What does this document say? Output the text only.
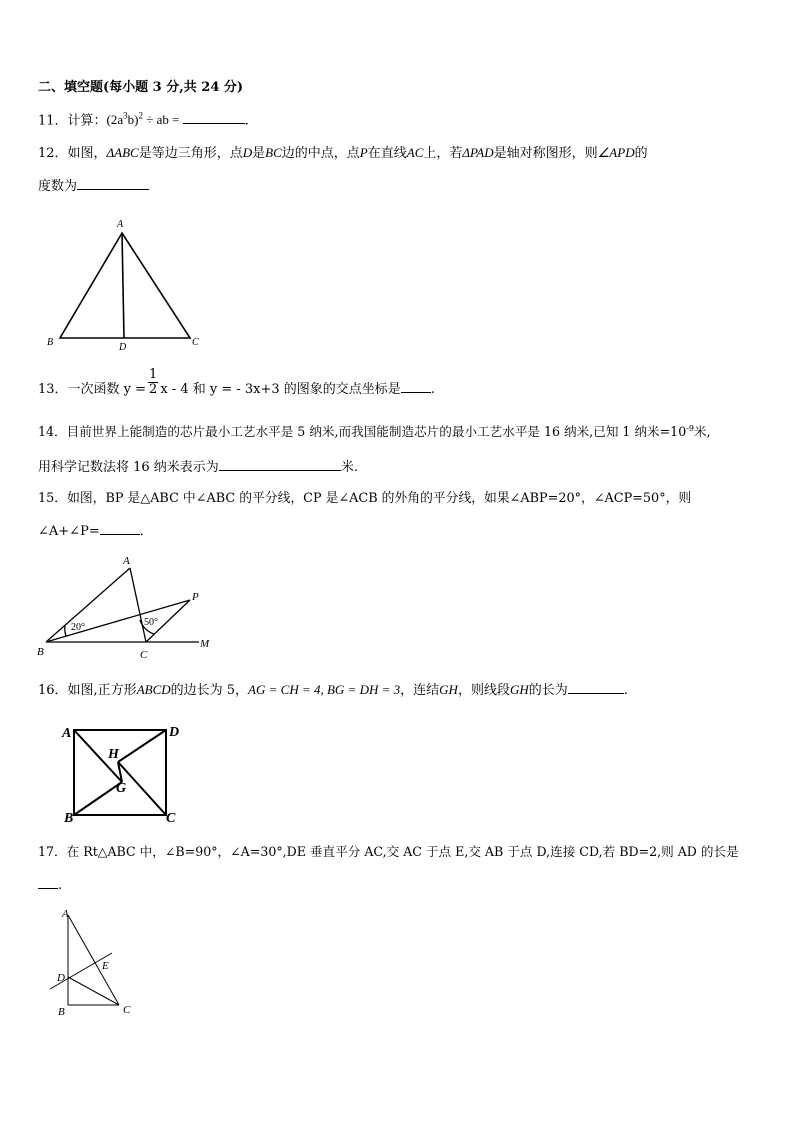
二、填空题(每小题 3 分,共 24 分)
11．计算：$(2a^3b)^2$ ÷ ab =	.
12．如图，ΔABC是等边三角形，点D是BC边的中点，点P在直线AC上，若ΔPAD是轴对称图形，则∠APD的
度数为
A
B	D	C
13．一次函数 $y = \frac{1}{2}$ x - 4 和 y = - 3x+3 的图象的交点坐标是 .
14．目前世界上能制造的芯片最小工艺水平是 5 纳米,而我国能制造芯片的最小工艺水平是 16 纳米,已知 1 纳米$=10^{-9}$米,
用科学记数法将 16 纳米表示为	米.
15．如图，BP 是△ABC 中∠ABC 的平分线，CP 是∠ACB 的外角的平分线，如果∠ABP=20°，∠ACP=50°，则
∠A+∠P=	．
A
B	C
P
M
20°	50°
16．如图,正方形ABCD的边长为 5，AG = CH = 4, BG = DH = 3，连结GH，则线段GH的长为	.
A	D
B	C
H
G
17．在 Rt△ABC 中，∠B=90°，∠A=30°,DE 垂直平分 AC,交 AC 于点 E,交 AB 于点 D,连接 CD,若 BD=2,则 AD 的长是
.
A
D
E
B	C
